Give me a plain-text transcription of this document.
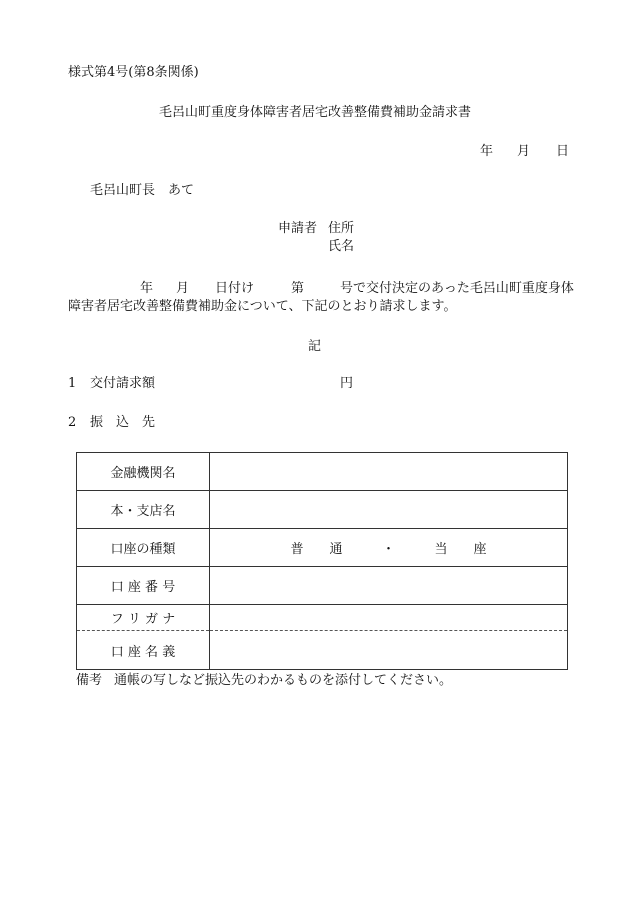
様式第4号(第8条関係)
毛呂山町重度身体障害者居宅改善整備費補助金請求書
年 月 日
毛呂山町長　あて
申請者 住所
氏名
年 月 日付け	第	号で交付決定のあった毛呂山町重度身体
障害者居宅改善整備費補助金について、下記のとおり請求します。
記
1 交付請求額	円
2 振　込　先
金融機関名	
本・支店名	
口座の種類	普　　通 ・ 当　　座

口 座 番 号	
フ リ ガ ナ	
口 座 名 義	
備考 通帳の写しなど振込先のわかるものを添付してください。
